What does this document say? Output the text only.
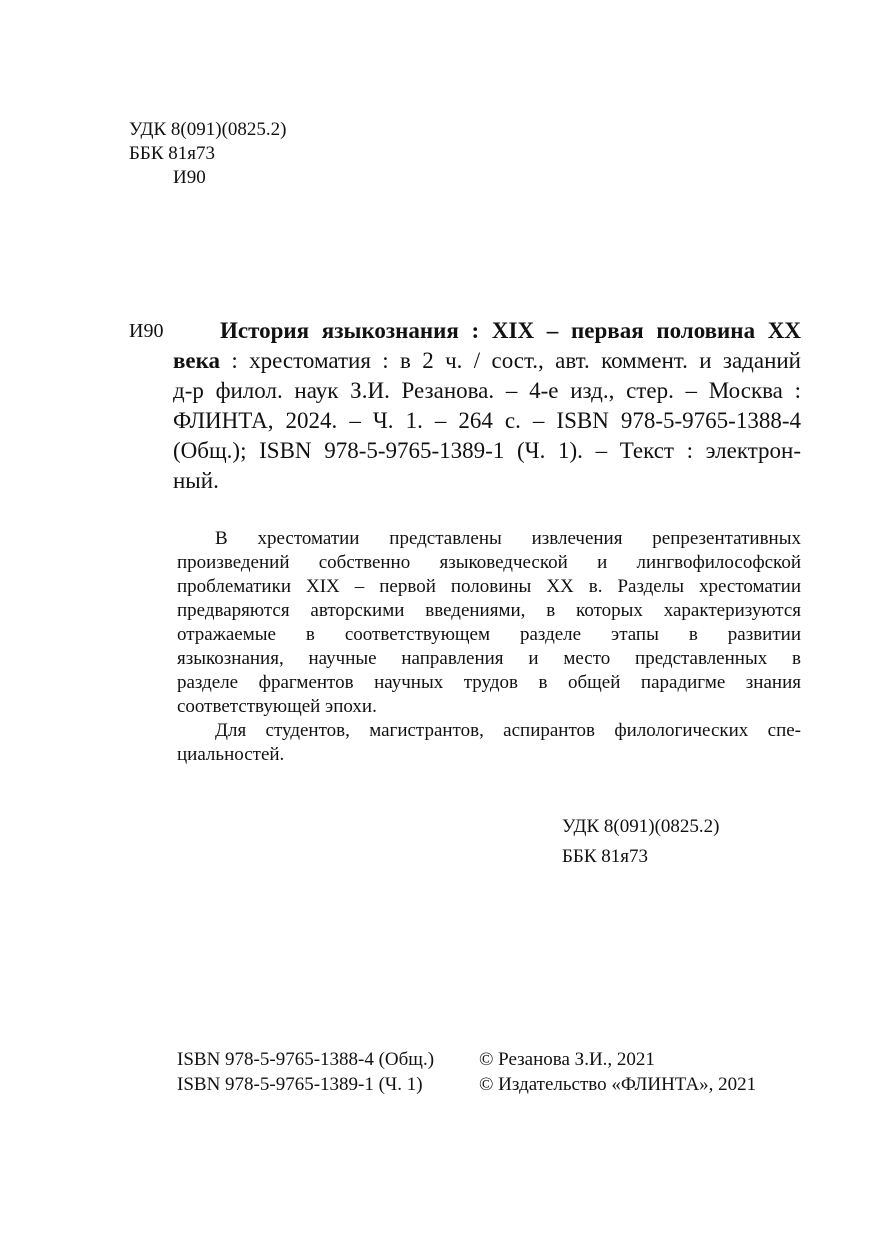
УДК 8(091)(0825.2)
ББК 81я73
И90
И90	История языкознания : XIX – первая половина XX
века : хрестоматия : в 2 ч. / сост., авт. коммент. и заданий
д-р филол. наук З.И. Резанова. – 4-е изд., стер. – Москва :
ФЛИНТА, 2024. – Ч. 1. – 264 с. – ISBN 978-5-9765-1388-4
(Общ.); ISBN 978-5-9765-1389-1 (Ч. 1). – Текст : электрон-
ный.
В хрестоматии представлены извлечения репрезентативных
произведений собственно языковедческой и лингвофилософской
проблематики XIX – первой половины XX в. Разделы хрестоматии
предваряются авторскими введениями, в которых характеризуются
отражаемые в соответствующем разделе этапы в развитии
языкознания, научные направления и место представленных в
разделе фрагментов научных трудов в общей парадигме знания
соответствующей эпохи.
Для студентов, магистрантов, аспирантов филологических спе-
циальностей.
УДК 8(091)(0825.2)
ББК 81я73
ISBN 978-5-9765-1388-4 (Общ.)	© Резанова З.И., 2021
ISBN 978-5-9765-1389-1 (Ч. 1)	© Издательство «ФЛИНТА», 2021
